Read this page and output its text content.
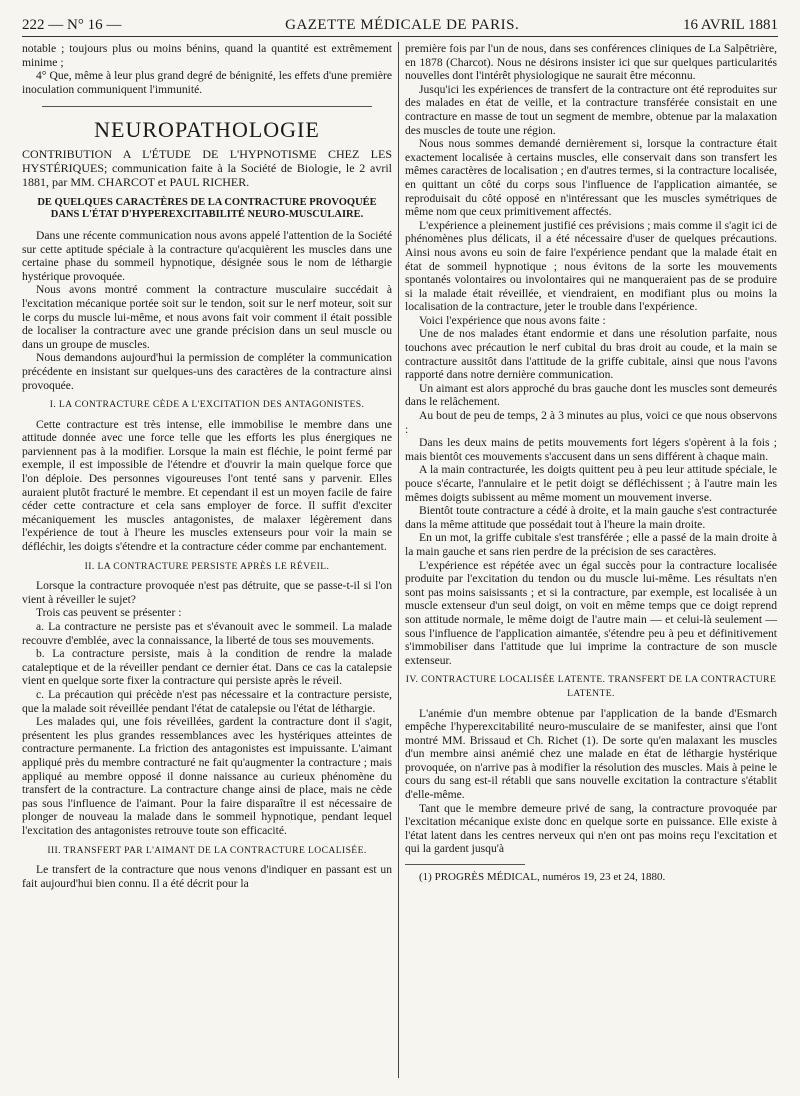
222 — N° 16 —	GAZETTE MÉDICALE DE PARIS.	16 AVRIL 1881

notable ; toujours plus ou moins bénins, quand la quantité est extrêmement minime ;

4° Que, même à leur plus grand degré de bénignité, les effets d'une première inoculation communiquent l'immunité.

NEUROPATHOLOGIE

CONTRIBUTION A L'ÉTUDE DE L'HYPNOTISME CHEZ LES HYSTÉRIQUES; communication faite à la Société de Biologie, le 2 avril 1881, par MM. CHARCOT et PAUL RICHER.

DE QUELQUES CARACTÈRES DE LA CONTRACTURE PROVOQUÉE DANS L'ÉTAT D'HYPEREXCITABILITÉ NEURO-MUSCULAIRE.

Dans une récente communication nous avons appelé l'attention de la Société sur cette aptitude spéciale à la contracture qu'acquièrent les muscles dans une certaine phase du sommeil hypnotique, désignée sous le nom de léthargie hystérique provoquée.

Nous avons montré comment la contracture musculaire succédait à l'excitation mécanique portée soit sur le tendon, soit sur le nerf moteur, soit sur le corps du muscle lui-même, et nous avons fait voir comment il était possible de localiser la contracture avec une grande précision dans un seul muscle ou dans un groupe de muscles.

Nous demandons aujourd'hui la permission de compléter la communication précédente en insistant sur quelques-uns des caractères de la contracture ainsi provoquée.

I. LA CONTRACTURE CÈDE A L'EXCITATION DES ANTAGONISTES.

Cette contracture est très intense, elle immobilise le membre dans une attitude donnée avec une force telle que les efforts les plus énergiques ne parviennent pas à la modifier. Lorsque la main est fléchie, le point fermé par exemple, il est impossible de l'étendre et d'ouvrir la main quelque force que l'on déploie. Des personnes vigoureuses l'ont tenté sans y parvenir. Elles auraient plutôt fracturé le membre. Et cependant il est un moyen facile de faire céder cette contracture et cela sans employer de force. Il suffit d'exciter mécaniquement les muscles antagonistes, de malaxer légèrement dans l'expérience de tout à l'heure les muscles extenseurs pour voir la main se défléchir, les doigts s'étendre et la contracture céder comme par enchantement.

II. LA CONTRACTURE PERSISTE APRÈS LE RÉVEIL.

Lorsque la contracture provoquée n'est pas détruite, que se passe-t-il si l'on vient à réveiller le sujet?

Trois cas peuvent se présenter :

a. La contracture ne persiste pas et s'évanouit avec le sommeil. La malade recouvre d'emblée, avec la connaissance, la liberté de tous ses mouvements.

b. La contracture persiste, mais à la condition de rendre la malade cataleptique et de la réveiller pendant ce dernier état. Dans ce cas la catalepsie vient en quelque sorte fixer la contracture qui persiste après le réveil.

c. La précaution qui précède n'est pas nécessaire et la contracture persiste, que la malade soit réveillée pendant l'état de catalepsie ou l'état de léthargie.

Les malades qui, une fois réveillées, gardent la contracture dont il s'agit, présentent les plus grandes ressemblances avec les hystériques atteintes de contracture permanente. La friction des antagonistes est impuissante. L'aimant appliqué près du membre contracturé ne fait qu'augmenter la contracture ; mais appliqué au membre opposé il donne naissance au curieux phénomène du transfert de la contracture. La contracture change ainsi de place, mais ne cède pas sous l'influence de l'aimant. Pour la faire disparaître il est nécessaire de plonger de nouveau la malade dans le sommeil hypnotique, pendant lequel l'excitation des antagonistes retrouve toute son efficacité.

III. TRANSFERT PAR L'AIMANT DE LA CONTRACTURE LOCALISÉE.

Le transfert de la contracture que nous venons d'indiquer en passant est un fait aujourd'hui bien connu. Il a été décrit pour la

première fois par l'un de nous, dans ses conférences cliniques de La Salpêtrière, en 1878 (Charcot). Nous ne désirons insister ici que sur quelques particularités nouvelles dont l'intérêt physiologique ne saurait être méconnu.

Jusqu'ici les expériences de transfert de la contracture ont été reproduites sur des malades en état de veille, et la contracture transférée consistait en une contracture en masse de tout un segment de membre, obtenue par la malaxation des muscles de toute une région.

Nous nous sommes demandé dernièrement si, lorsque la contracture était exactement localisée à certains muscles, elle conservait dans son transfert les mêmes caractères de localisation ; en d'autres termes, si la contracture localisée, en quittant un côté du corps sous l'influence de l'application aimantée, se reproduisait du côté opposé en n'intéressant que les muscles symétriques de même nom que ceux primitivement affectés.

L'expérience a pleinement justifié ces prévisions ; mais comme il s'agit ici de phénomènes plus délicats, il a été nécessaire d'user de quelques précautions. Ainsi nous avons eu soin de faire l'expérience pendant que la malade était en état de sommeil hypnotique ; nous évitons de la sorte les mouvements spontanés volontaires ou involontaires qui ne manqueraient pas de se produire si la malade était réveillée, et viendraient, en modifiant plus ou moins la localisation de la contracture, jeter le trouble dans l'expérience.

Voici l'expérience que nous avons faite :

Une de nos malades étant endormie et dans une résolution parfaite, nous touchons avec précaution le nerf cubital du bras droit au coude, et la main se contracture aussitôt dans l'attitude de la griffe cubitale, ainsi que nous l'avons rapporté dans notre dernière communication.

Un aimant est alors approché du bras gauche dont les muscles sont demeurés dans le relâchement.

Au bout de peu de temps, 2 à 3 minutes au plus, voici ce que nous observons :

Dans les deux mains de petits mouvements fort légers s'opèrent à la fois ; mais bientôt ces mouvements s'accusent dans un sens différent à chaque main.

A la main contracturée, les doigts quittent peu à peu leur attitude spéciale, le pouce s'écarte, l'annulaire et le petit doigt se défléchissent ; à l'autre main les mêmes doigts subissent au même moment un mouvement inverse.

Bientôt toute contracture a cédé à droite, et la main gauche s'est contracturée dans la même attitude que possédait tout à l'heure la main droite.

En un mot, la griffe cubitale s'est transférée ; elle a passé de la main droite à la main gauche et sans rien perdre de la précision de ses caractères.

L'expérience est répétée avec un égal succès pour la contracture localisée produite par l'excitation du tendon ou du muscle lui-même. Les résultats n'en sont pas moins saisissants ; et si la contracture, par exemple, est localisée à un muscle extenseur d'un seul doigt, on voit en même temps que ce doigt reprend son attitude normale, le même doigt de l'autre main — et celui-là seulement — sous l'influence de l'application aimantée, s'étendre peu à peu et définitivement s'immobiliser dans l'attitude que lui imprime la contracture de son muscle extenseur.

IV. CONTRACTURE LOCALISÉE LATENTE. TRANSFERT DE LA CONTRACTURE LATENTE.

L'anémie d'un membre obtenue par l'application de la bande d'Esmarch empêche l'hyperexcitabilité neuro-musculaire de se manifester, ainsi que l'ont montré MM. Brissaud et Ch. Richet (1). De sorte qu'en malaxant les muscles d'un membre ainsi anémié chez une malade en état de léthargie hystérique provoquée, on n'arrive pas à modifier la résolution des muscles. Mais à peine le cours du sang est-il rétabli que sans nouvelle excitation la contracture s'établit d'elle-même.

Tant que le membre demeure privé de sang, la contracture provoquée par l'excitation mécanique existe donc en quelque sorte en puissance. Elle existe à l'état latent dans les centres nerveux qui n'en ont pas moins reçu l'excitation et qui la gardent jusqu'à

(1) PROGRÈS MÉDICAL, numéros 19, 23 et 24, 1880.
